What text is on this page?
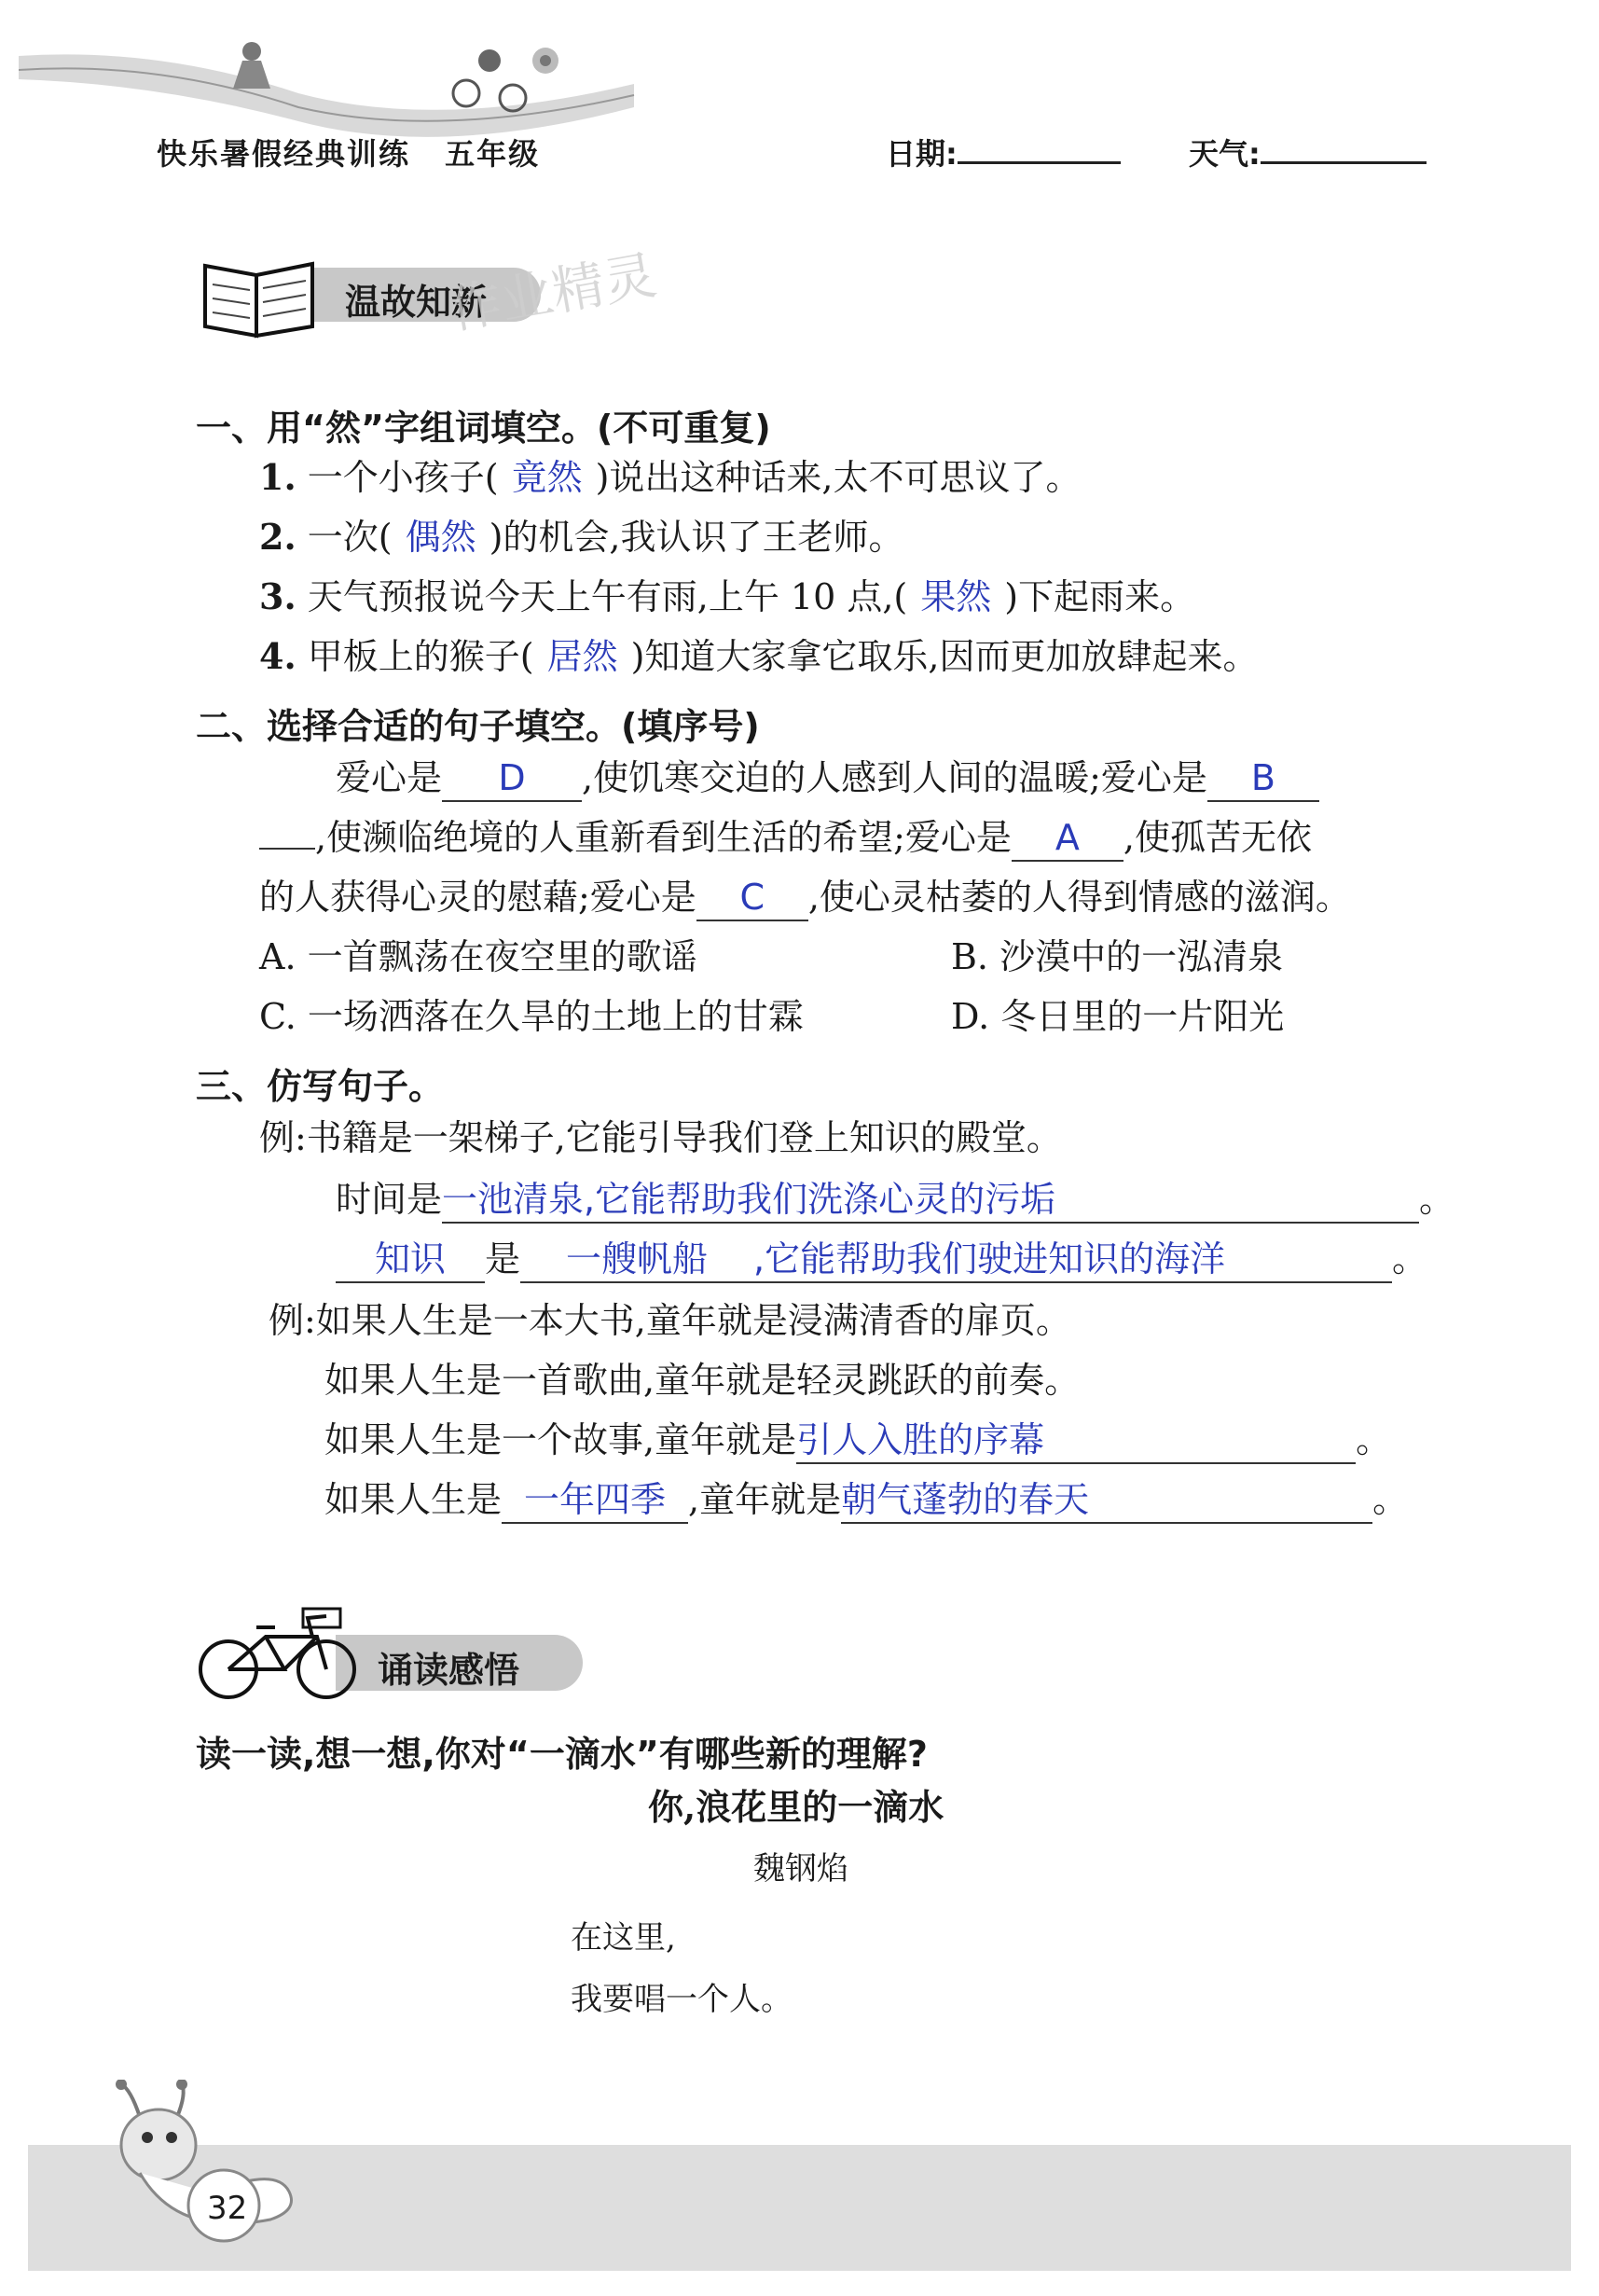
快乐暑假经典训练 五年级	日期:	天气:
温故知新
作业精灵
一、用“然”字组词填空。(不可重复)
1. 一个小孩子( 竟然 )说出这种话来,太不可思议了。
2. 一次( 偶然 )的机会,我认识了王老师。
3. 天气预报说今天上午有雨,上午 10 点,( 果然 )下起雨来。
4. 甲板上的猴子( 居然 )知道大家拿它取乐,因而更加放肆起来。
二、选择合适的句子填空。(填序号)
爱心是 D ,使饥寒交迫的人感到人间的温暖;爱心是 B
,使濒临绝境的人重新看到生活的希望;爱心是 A ,使孤苦无依
的人获得心灵的慰藉;爱心是 C ,使心灵枯萎的人得到情感的滋润。
A. 一首飘荡在夜空里的歌谣	B. 沙漠中的一泓清泉
C. 一场洒落在久旱的土地上的甘霖	D. 冬日里的一片阳光
三、仿写句子。
例:书籍是一架梯子,它能引导我们登上知识的殿堂。
时间是一池清泉,它能帮助我们洗涤心灵的污垢	。
知识 是 一艘帆船 ,它能帮助我们驶进知识的海洋	。
例:如果人生是一本大书,童年就是浸满清香的扉页。
如果人生是一首歌曲,童年就是轻灵跳跃的前奏。
如果人生是一个故事,童年就是引人入胜的序幕	。
如果人生是 一年四季 ,童年就是朝气蓬勃的春天	。
诵读感悟
读一读,想一想,你对“一滴水”有哪些新的理解?
你,浪花里的一滴水
魏钢焰
在这里,
我要唱一个人。
32
